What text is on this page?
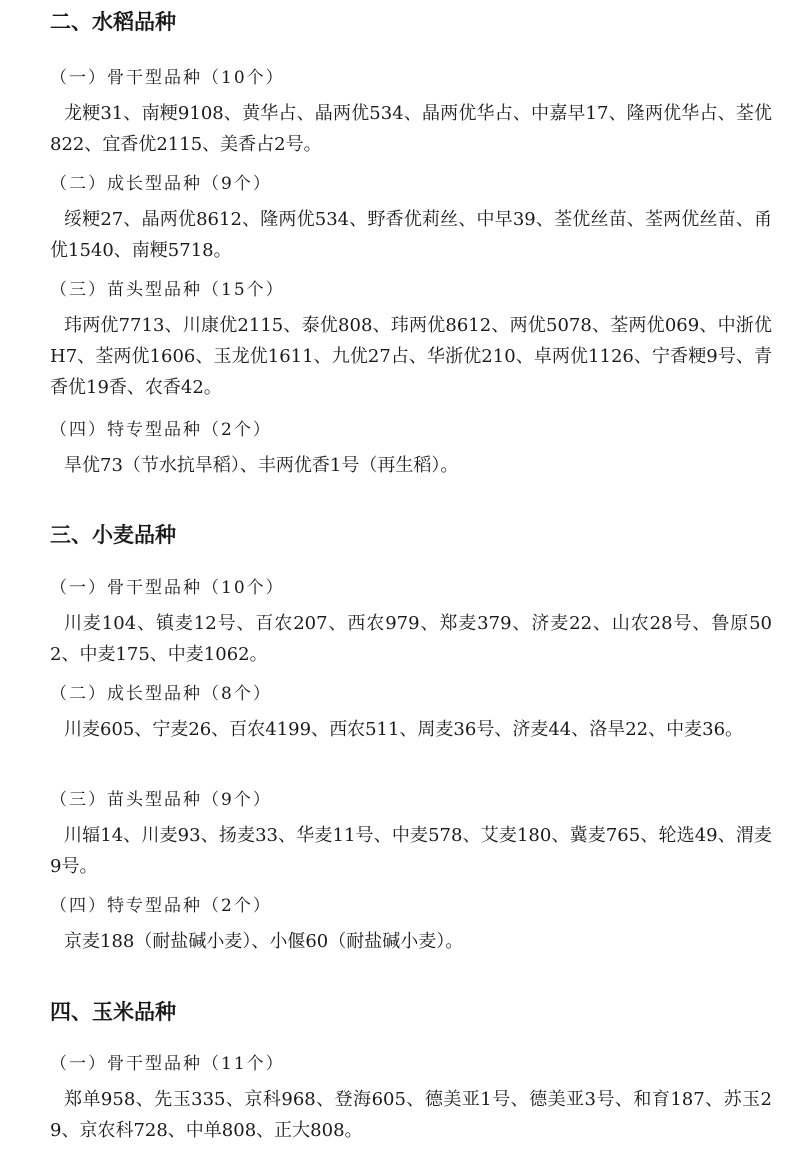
二、水稻品种
（一）骨干型品种（10个）

龙粳31、南粳9108、黄华占、晶两优534、晶两优华占、中嘉早17、隆两优华占、荃优822、宜香优2115、美香占2号。

（二）成长型品种（9个）

绥粳27、晶两优8612、隆两优534、野香优莉丝、中早39、荃优丝苗、荃两优丝苗、甬优1540、南粳5718。

（三）苗头型品种（15个）

玮两优7713、川康优2115、泰优808、玮两优8612、两优5078、荃两优069、中浙优H7、荃两优1606、玉龙优1611、九优27占、华浙优210、卓两优1126、宁香粳9号、青香优19香、农香42。

（四）特专型品种（2个）

旱优73（节水抗旱稻）、丰两优香1号（再生稻）。

三、小麦品种
（一）骨干型品种（10个）

川麦104、镇麦12号、百农207、西农979、郑麦379、济麦22、山农28号、鲁原502、中麦175、中麦1062。

（二）成长型品种（8个）

川麦605、宁麦26、百农4199、西农511、周麦36号、济麦44、洛旱22、中麦36。

（三）苗头型品种（9个）

川辐14、川麦93、扬麦33、华麦11号、中麦578、艾麦180、冀麦765、轮选49、渭麦9号。

（四）特专型品种（2个）

京麦188（耐盐碱小麦）、小偃60（耐盐碱小麦）。

四、玉米品种
（一）骨干型品种（11个）

郑单958、先玉335、京科968、登海605、德美亚1号、德美亚3号、和育187、苏玉29、京农科728、中单808、正大808。
